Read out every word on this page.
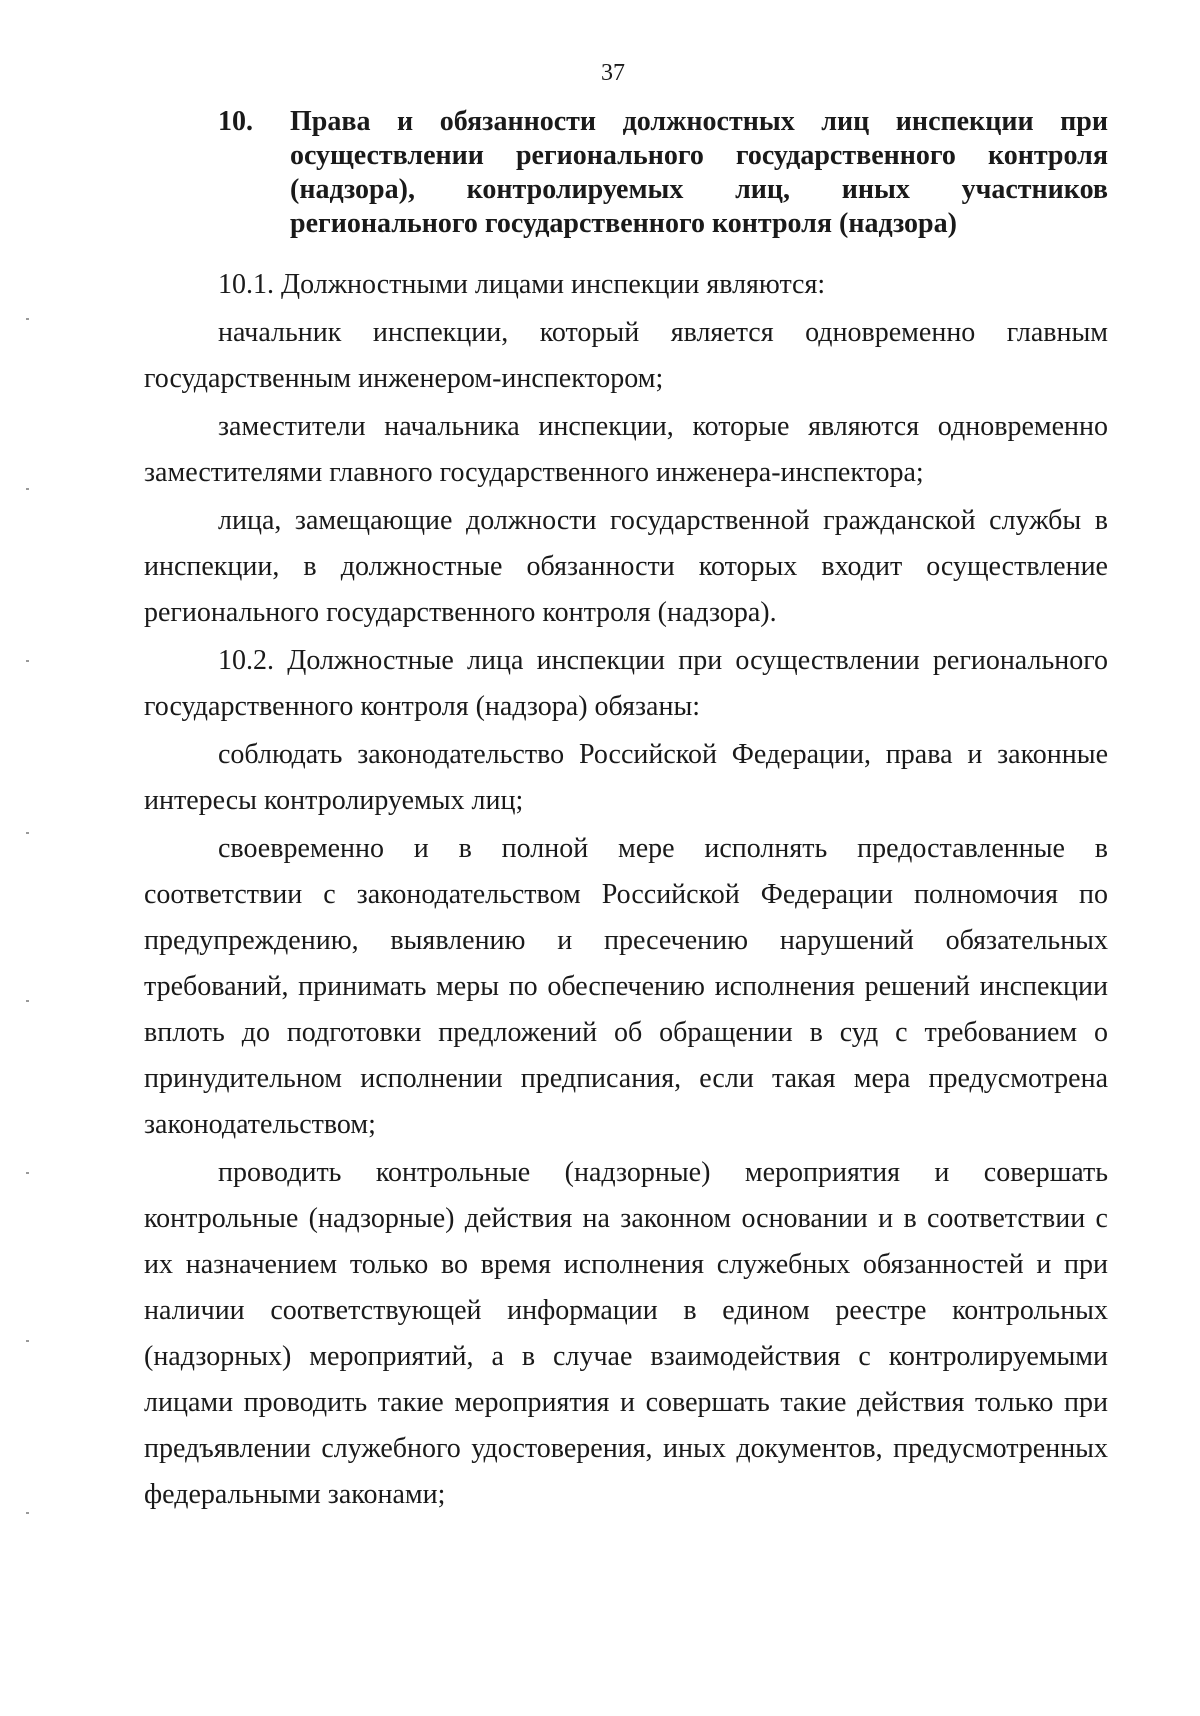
37
10.	Права и обязанности должностных лиц инспекции при осуществлении регионального государственного контроля (надзора), контролируемых лиц, иных участников регионального государственного контроля (надзора)

10.1. Должностными лицами инспекции являются:

начальник инспекции, который является одновременно главным государственным инженером-инспектором;

заместители начальника инспекции, которые являются одновременно заместителями главного государственного инженера-инспектора;

лица, замещающие должности государственной гражданской службы в инспекции, в должностные обязанности которых входит осуществление регионального государственного контроля (надзора).

10.2. Должностные лица инспекции при осуществлении регионального государственного контроля (надзора) обязаны:

соблюдать законодательство Российской Федерации, права и законные интересы контролируемых лиц;

своевременно и в полной мере исполнять предоставленные в соответствии с законодательством Российской Федерации полномочия по предупреждению, выявлению и пресечению нарушений обязательных требований, принимать меры по обеспечению исполнения решений инспекции вплоть до подготовки предложений об обращении в суд с требованием о принудительном исполнении предписания, если такая мера предусмотрена законодательством;

проводить контрольные (надзорные) мероприятия и совершать контрольные (надзорные) действия на законном основании и в соответствии с их назначением только во время исполнения служебных обязанностей и при наличии соответствующей информации в едином реестре контрольных (надзорных) мероприятий, а в случае взаимодействия с контролируемыми лицами проводить такие мероприятия и совершать такие действия только при предъявлении служебного удостоверения, иных документов, предусмотренных федеральными законами;
